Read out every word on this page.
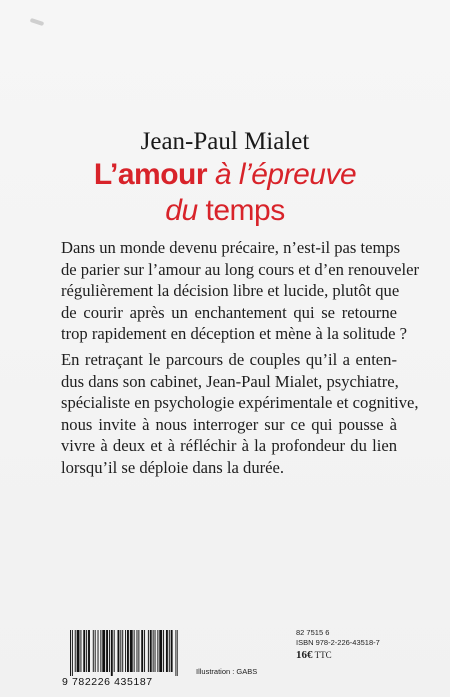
Jean-Paul Mialet
L’amour à l’épreuve
du temps
Dans un monde devenu précaire, n’est-il pas temps
de parier sur l’amour au long cours et d’en renouveler
régulièrement la décision libre et lucide, plutôt que
de courir après un enchantement qui se retourne
trop rapidement en déception et mène à la solitude ?
En retraçant le parcours de couples qu’il a enten-
dus dans son cabinet, Jean-Paul Mialet, psychiatre,
spécialiste en psychologie expérimentale et cognitive,
nous invite à nous interroger sur ce qui pousse à
vivre à deux et à réfléchir à la profondeur du lien
lorsqu’il se déploie dans la durée.
9 782226 435187
Illustration : GABS
82 7515 6
ISBN 978-2-226-43518-7
16€ TTC
